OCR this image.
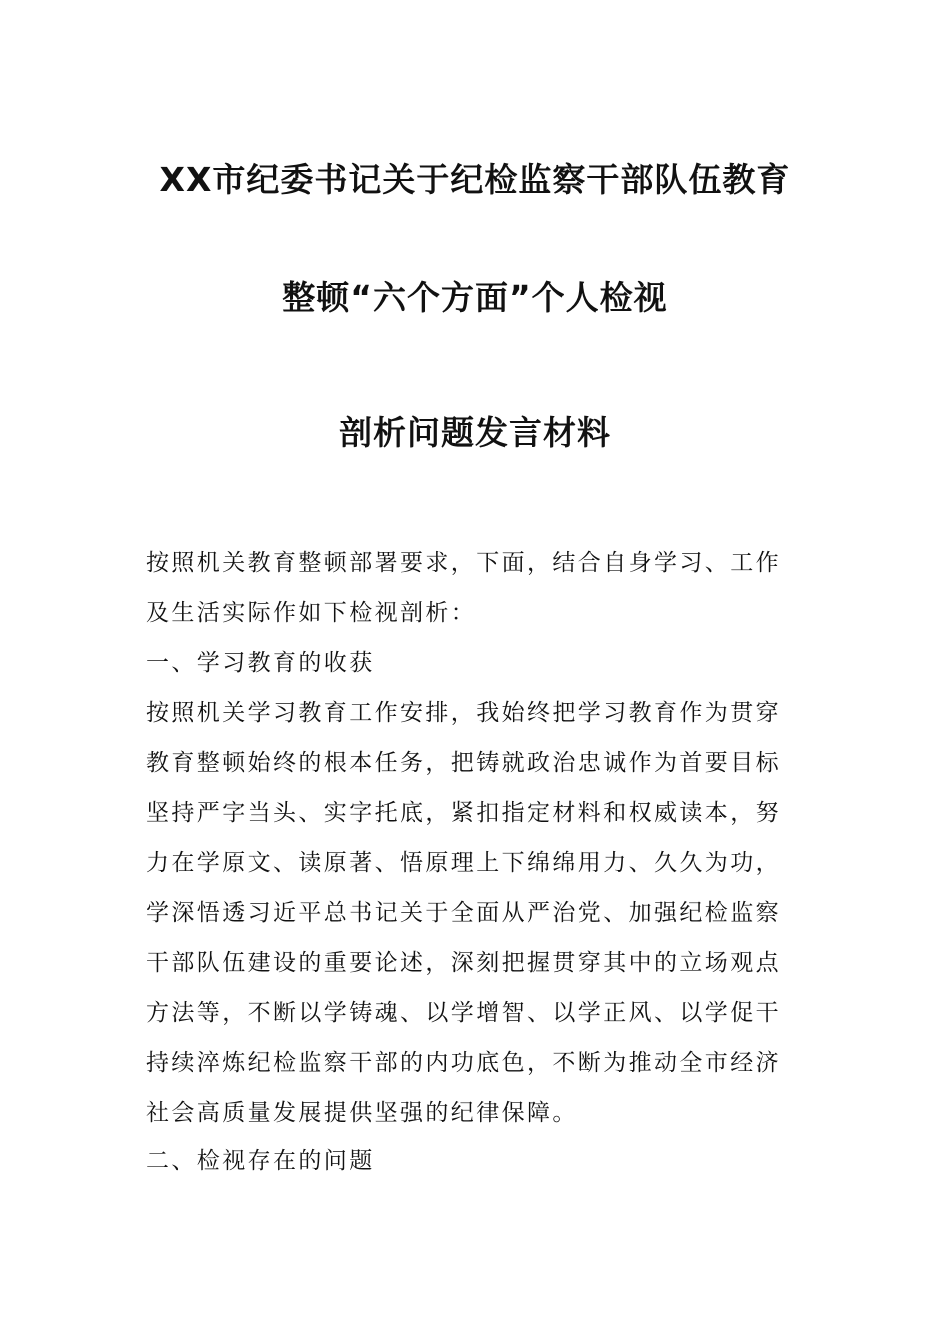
XX市纪委书记关于纪检监察干部队伍教育
整顿“六个方面”个人检视
剖析问题发言材料
按照机关教育整顿部署要求，下面，结合自身学习、工作
及生活实际作如下检视剖析：
一、学习教育的收获
按照机关学习教育工作安排，我始终把学习教育作为贯穿
教育整顿始终的根本任务，把铸就政治忠诚作为首要目标
坚持严字当头、实字托底，紧扣指定材料和权威读本，努
力在学原文、读原著、悟原理上下绵绵用力、久久为功，
学深悟透习近平总书记关于全面从严治党、加强纪检监察
干部队伍建设的重要论述，深刻把握贯穿其中的立场观点
方法等，不断以学铸魂、以学增智、以学正风、以学促干
持续淬炼纪检监察干部的内功底色，不断为推动全市经济
社会高质量发展提供坚强的纪律保障。
二、检视存在的问题
